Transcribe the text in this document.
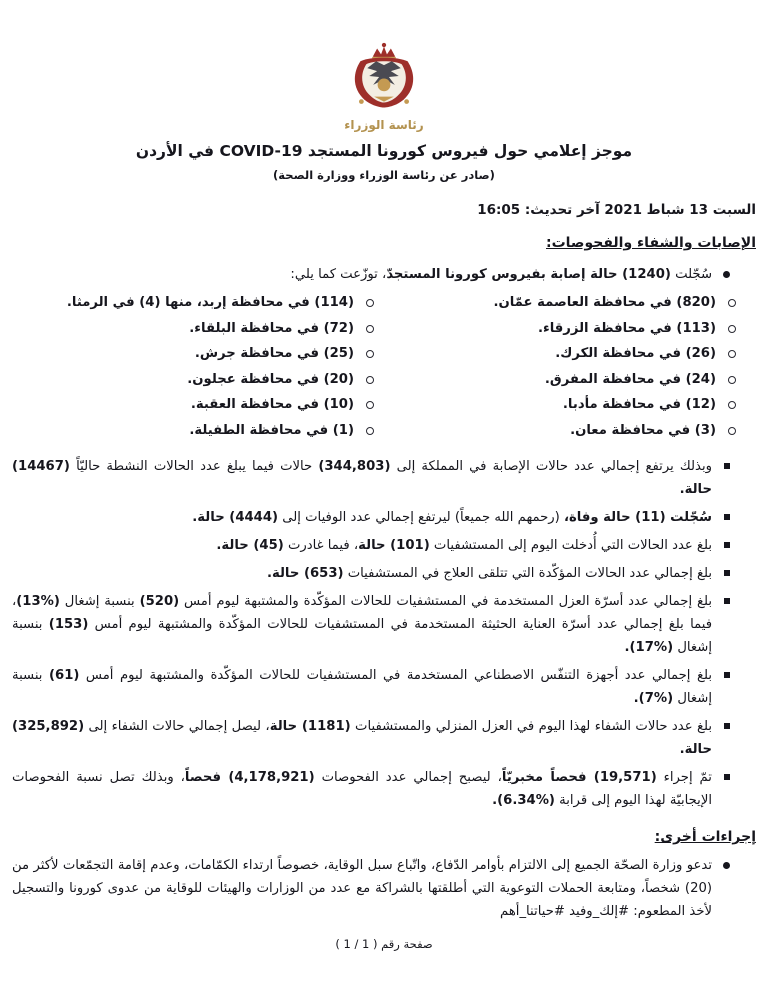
رئاسة الوزراء
موجز إعلامي حول فيروس كورونا المستجد COVID-19 في الأردن
(صادر عن رئاسة الوزراء ووزارة الصحة)
السبت 13 شباط 2021 آخر تحديث: 16:05
الإصابات والشفاء والفحوصات:
سُجّلت (1240) حالة إصابة بفيروس كورونا المستجدّ، توزّعت كما يلي:
(820) في محافظة العاصمة عمّان.
(113) في محافظة الزرقاء.
(26) في محافظة الكرك.
(24) في محافظة المفرق.
(12) في محافظة مأدبا.
(3) في محافظة معان.
(114) في محافظة إربد، منها (4) في الرمثا.
(72) في محافظة البلقاء.
(25) في محافظة جرش.
(20) في محافظة عجلون.
(10) في محافظة العقبة.
(1) في محافظة الطفيلة.
وبذلك يرتفع إجمالي عدد حالات الإصابة في المملكة إلى (344,803) حالات فيما يبلغ عدد الحالات النشطة حاليّاً (14467) حالة.
سُجّلت (11) حالة وفاة، (رحمهم الله جميعاً) ليرتفع إجمالي عدد الوفيات إلى (4444) حالة.
بلغ عدد الحالات التي أُدخلت اليوم إلى المستشفيات (101) حالة، فيما غادرت (45) حالة.
بلغ إجمالي عدد الحالات المؤكّدة التي تتلقى العلاج في المستشفيات (653) حالة.
بلغ إجمالي عدد أسرّة العزل المستخدمة في المستشفيات للحالات المؤكّدة والمشتبهة ليوم أمس (520) بنسبة إشغال (%13)، فيما بلغ إجمالي عدد أسرّة العناية الحثيثة المستخدمة في المستشفيات للحالات المؤكّدة والمشتبهة ليوم أمس (153) بنسبة إشغال (%17).
بلغ إجمالي عدد أجهزة التنفّس الاصطناعي المستخدمة في المستشفيات للحالات المؤكّدة والمشتبهة ليوم أمس (61) بنسبة إشغال (%7).
بلغ عدد حالات الشفاء لهذا اليوم في العزل المنزلي والمستشفيات (1181) حالة، ليصل إجمالي حالات الشفاء إلى (325,892) حالة.
تمّ إجراء (19,571) فحصاً مخبريّاً، ليصبح إجمالي عدد الفحوصات (4,178,921) فحصاً، وبذلك تصل نسبة الفحوصات الإيجابيّة لهذا اليوم إلى قرابة (%6.34).
إجراءات أخرى:
تدعو وزارة الصحّة الجميع إلى الالتزام بأوامر الدّفاع، واتّباع سبل الوقاية، خصوصاً ارتداء الكمّامات، وعدم إقامة التجمّعات لأكثر من (20) شخصاً، ومتابعة الحملات التوعوية التي أطلقتها بالشراكة مع عدد من الوزارات والهيئات للوقاية من عدوى كورونا والتسجيل لأخذ المطعوم: #إلك_وفيد #حياتنا_أهم
صفحة رقم ( 1 / 1 )
